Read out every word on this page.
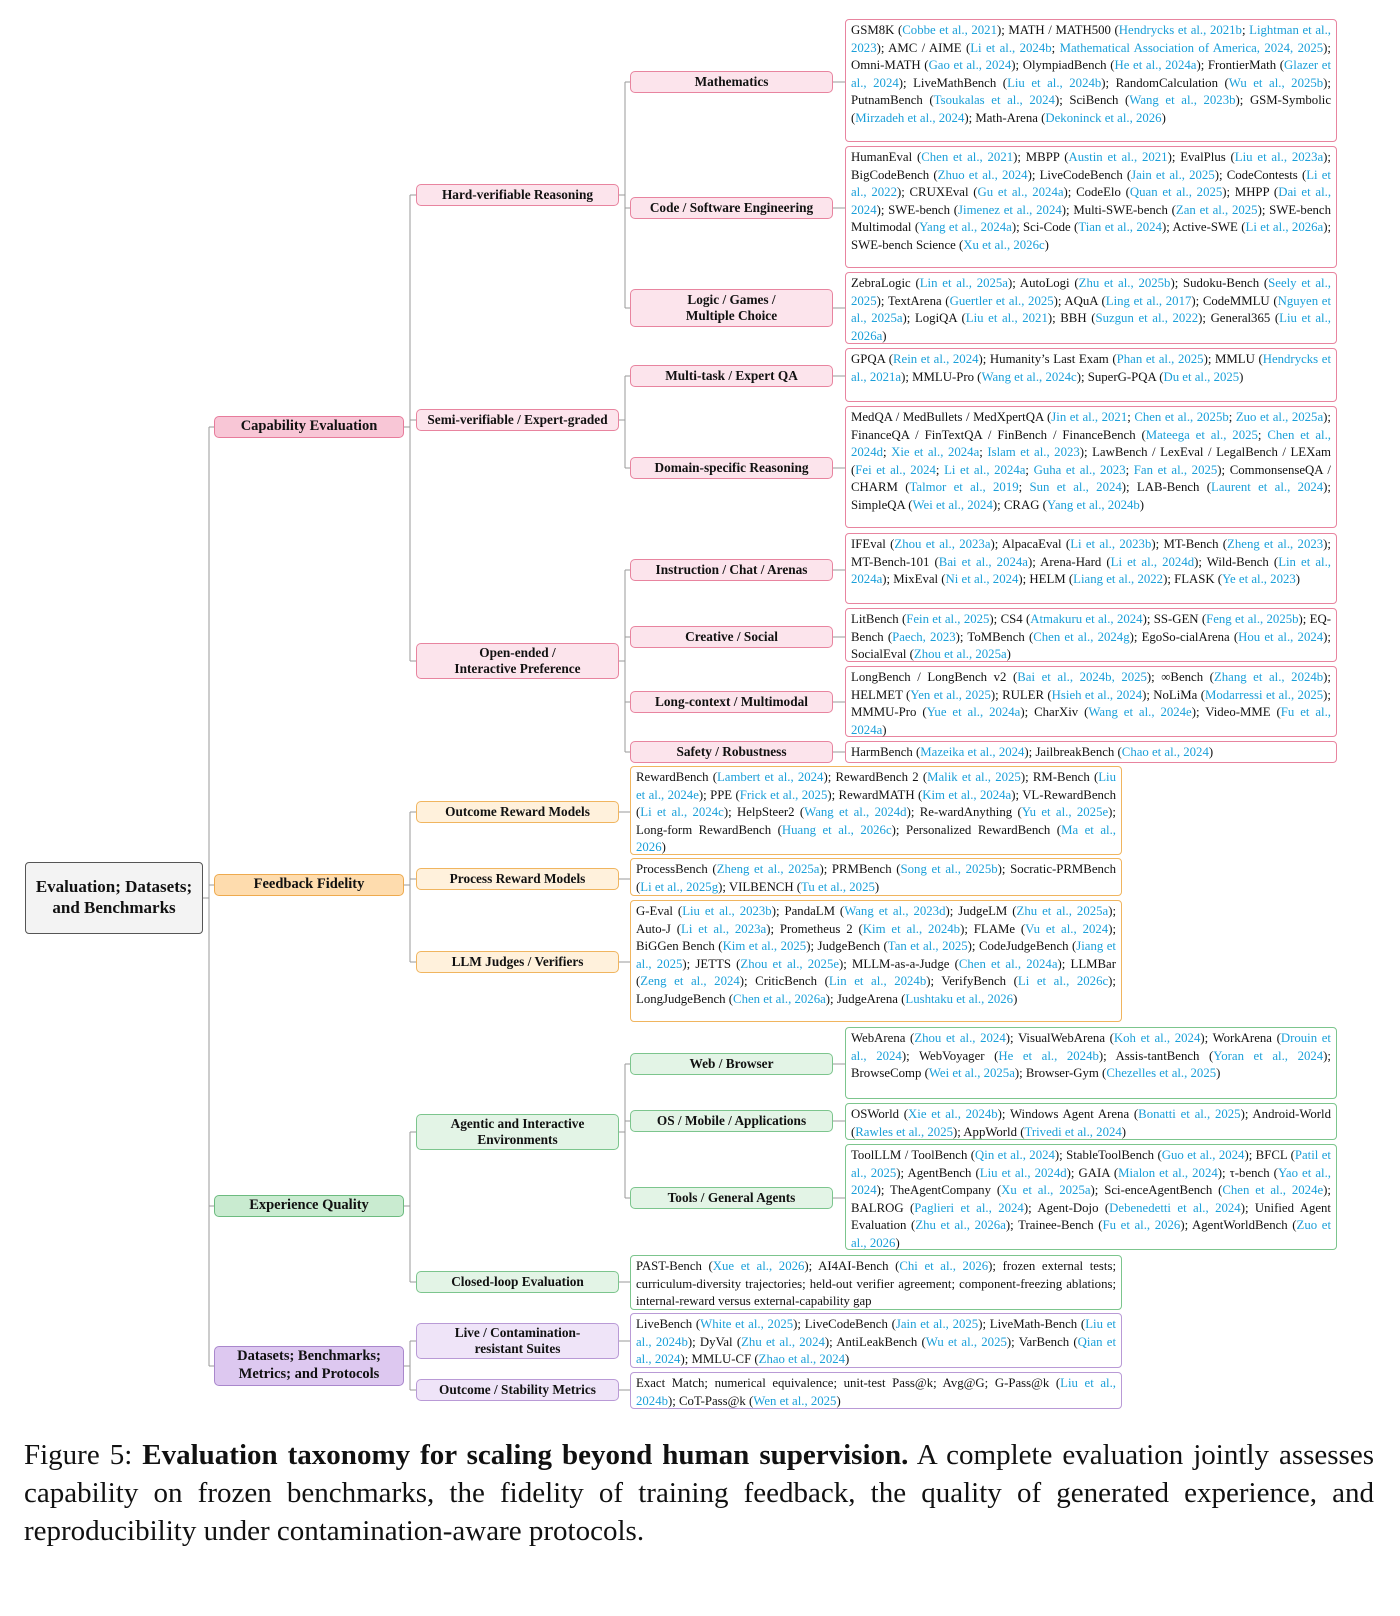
Evaluation; Datasets; and Benchmarks
Capability Evaluation
Feedback Fidelity
Experience Quality
Datasets; Benchmarks; Metrics; and Protocols
Hard-verifiable Reasoning
Semi-verifiable / Expert-graded
Open-ended / Interactive Preference
Outcome Reward Models
Process Reward Models
LLM Judges / Verifiers
Agentic and Interactive Environments
Closed-loop Evaluation
Live / Contamination-resistant Suites
Outcome / Stability Metrics
Mathematics
Code / Software Engineering
Logic / Games / Multiple Choice
Multi-task / Expert QA
Domain-specific Reasoning
Instruction / Chat / Arenas
Creative / Social
Long-context / Multimodal
Safety / Robustness
Web / Browser
OS / Mobile / Applications
Tools / General Agents
GSM8K (Cobbe et al., 2021); MATH / MATH500 (Hendrycks et al., 2021b; Lightman et al., 2023); AMC / AIME (Li et al., 2024b; Mathematical Association of America, 2024, 2025); Omni-MATH (Gao et al., 2024); OlympiadBench (He et al., 2024a); FrontierMath (Glazer et al., 2024); LiveMathBench (Liu et al., 2024b); RandomCalculation (Wu et al., 2025b); PutnamBench (Tsoukalas et al., 2024); SciBench (Wang et al., 2023b); GSM-Symbolic (Mirzadeh et al., 2024); Math-Arena (Dekoninck et al., 2026)
HumanEval (Chen et al., 2021); MBPP (Austin et al., 2021); EvalPlus (Liu et al., 2023a); BigCodeBench (Zhuo et al., 2024); LiveCodeBench (Jain et al., 2025); CodeContests (Li et al., 2022); CRUXEval (Gu et al., 2024a); CodeElo (Quan et al., 2025); MHPP (Dai et al., 2024); SWE-bench (Jimenez et al., 2024); Multi-SWE-bench (Zan et al., 2025); SWE-bench Multimodal (Yang et al., 2024a); Sci-Code (Tian et al., 2024); Active-SWE (Li et al., 2026a); SWE-bench Science (Xu et al., 2026c)
ZebraLogic (Lin et al., 2025a); AutoLogi (Zhu et al., 2025b); Sudoku-Bench (Seely et al., 2025); TextArena (Guertler et al., 2025); AQuA (Ling et al., 2017); CodeMMLU (Nguyen et al., 2025a); LogiQA (Liu et al., 2021); BBH (Suzgun et al., 2022); General365 (Liu et al., 2026a)
GPQA (Rein et al., 2024); Humanity’s Last Exam (Phan et al., 2025); MMLU (Hendrycks et al., 2021a); MMLU-Pro (Wang et al., 2024c); SuperG-PQA (Du et al., 2025)
MedQA / MedBullets / MedXpertQA (Jin et al., 2021; Chen et al., 2025b; Zuo et al., 2025a); FinanceQA / FinTextQA / FinBench / FinanceBench (Mateega et al., 2025; Chen et al., 2024d; Xie et al., 2024a; Islam et al., 2023); LawBench / LexEval / LegalBench / LEXam (Fei et al., 2024; Li et al., 2024a; Guha et al., 2023; Fan et al., 2025); CommonsenseQA / CHARM (Talmor et al., 2019; Sun et al., 2024); LAB-Bench (Laurent et al., 2024); SimpleQA (Wei et al., 2024); CRAG (Yang et al., 2024b)
IFEval (Zhou et al., 2023a); AlpacaEval (Li et al., 2023b); MT-Bench (Zheng et al., 2023); MT-Bench-101 (Bai et al., 2024a); Arena-Hard (Li et al., 2024d); Wild-Bench (Lin et al., 2024a); MixEval (Ni et al., 2024); HELM (Liang et al., 2022); FLASK (Ye et al., 2023)
LitBench (Fein et al., 2025); CS4 (Atmakuru et al., 2024); SS-GEN (Feng et al., 2025b); EQ-Bench (Paech, 2023); ToMBench (Chen et al., 2024g); EgoSo-cialArena (Hou et al., 2024); SocialEval (Zhou et al., 2025a)
LongBench / LongBench v2 (Bai et al., 2024b, 2025); ∞Bench (Zhang et al., 2024b); HELMET (Yen et al., 2025); RULER (Hsieh et al., 2024); NoLiMa (Modarressi et al., 2025); MMMU-Pro (Yue et al., 2024a); CharXiv (Wang et al., 2024e); Video-MME (Fu et al., 2024a)
HarmBench (Mazeika et al., 2024); JailbreakBench (Chao et al., 2024)
RewardBench (Lambert et al., 2024); RewardBench 2 (Malik et al., 2025); RM-Bench (Liu et al., 2024e); PPE (Frick et al., 2025); RewardMATH (Kim et al., 2024a); VL-RewardBench (Li et al., 2024c); HelpSteer2 (Wang et al., 2024d); Re-wardAnything (Yu et al., 2025e); Long-form RewardBench (Huang et al., 2026c); Personalized RewardBench (Ma et al., 2026)
ProcessBench (Zheng et al., 2025a); PRMBench (Song et al., 2025b); Socratic-PRMBench (Li et al., 2025g); VILBENCH (Tu et al., 2025)
G-Eval (Liu et al., 2023b); PandaLM (Wang et al., 2023d); JudgeLM (Zhu et al., 2025a); Auto-J (Li et al., 2023a); Prometheus 2 (Kim et al., 2024b); FLAMe (Vu et al., 2024); BiGGen Bench (Kim et al., 2025); JudgeBench (Tan et al., 2025); CodeJudgeBench (Jiang et al., 2025); JETTS (Zhou et al., 2025e); MLLM-as-a-Judge (Chen et al., 2024a); LLMBar (Zeng et al., 2024); CriticBench (Lin et al., 2024b); VerifyBench (Li et al., 2026c); LongJudgeBench (Chen et al., 2026a); JudgeArena (Lushtaku et al., 2026)
WebArena (Zhou et al., 2024); VisualWebArena (Koh et al., 2024); WorkArena (Drouin et al., 2024); WebVoyager (He et al., 2024b); Assis-tantBench (Yoran et al., 2024); BrowseComp (Wei et al., 2025a); Browser-Gym (Chezelles et al., 2025)
OSWorld (Xie et al., 2024b); Windows Agent Arena (Bonatti et al., 2025); Android-World (Rawles et al., 2025); AppWorld (Trivedi et al., 2024)
ToolLLM / ToolBench (Qin et al., 2024); StableToolBench (Guo et al., 2024); BFCL (Patil et al., 2025); AgentBench (Liu et al., 2024d); GAIA (Mialon et al., 2024); τ-bench (Yao et al., 2024); TheAgentCompany (Xu et al., 2025a); Sci-enceAgentBench (Chen et al., 2024e); BALROG (Paglieri et al., 2024); Agent-Dojo (Debenedetti et al., 2024); Unified Agent Evaluation (Zhu et al., 2026a); Trainee-Bench (Fu et al., 2026); AgentWorldBench (Zuo et al., 2026)
PAST-Bench (Xue et al., 2026); AI4AI-Bench (Chi et al., 2026); frozen external tests; curriculum-diversity trajectories; held-out verifier agreement; component-freezing ablations; internal-reward versus external-capability gap
LiveBench (White et al., 2025); LiveCodeBench (Jain et al., 2025); LiveMath-Bench (Liu et al., 2024b); DyVal (Zhu et al., 2024); AntiLeakBench (Wu et al., 2025); VarBench (Qian et al., 2024); MMLU-CF (Zhao et al., 2024)
Exact Match; numerical equivalence; unit-test Pass@k; Avg@G; G-Pass@k (Liu et al., 2024b); CoT-Pass@k (Wen et al., 2025)
Figure 5: Evaluation taxonomy for scaling beyond human supervision. A complete evaluation jointly assesses capability on frozen benchmarks, the fidelity of training feedback, the quality of generated experience, and reproducibility under contamination-aware protocols.
